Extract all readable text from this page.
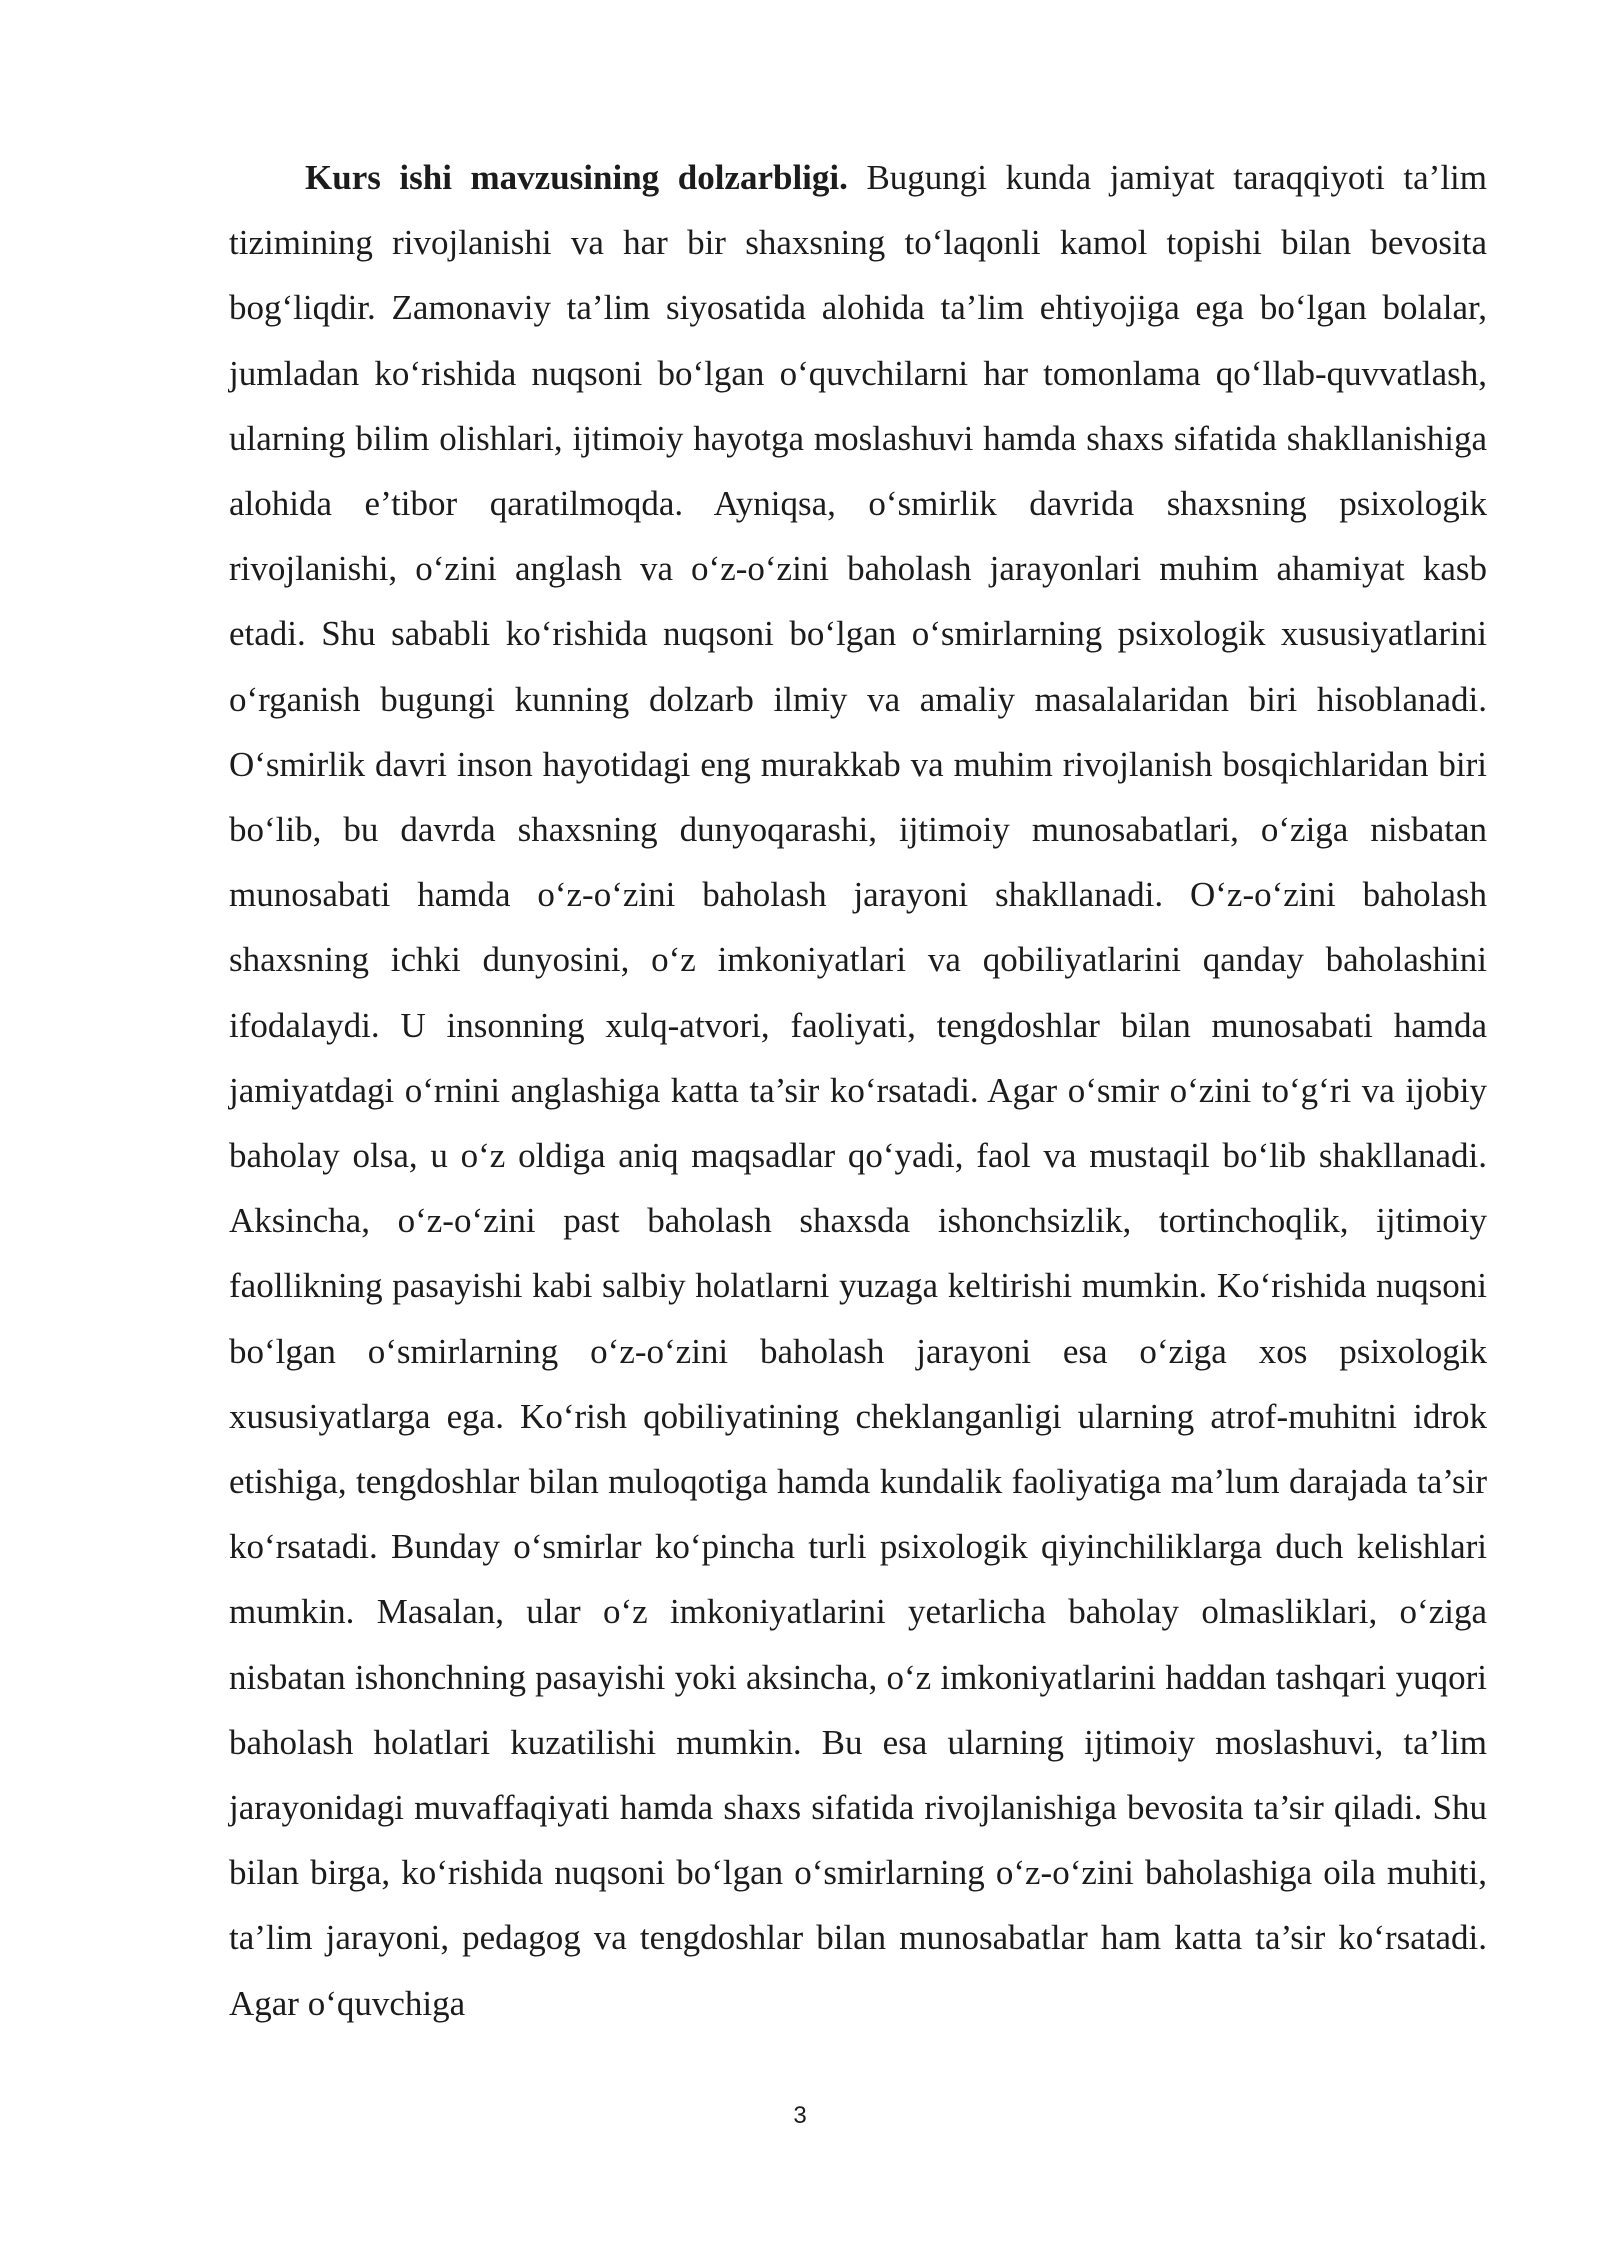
Kurs ishi mavzusining dolzarbligi. Bugungi kunda jamiyat taraqqiyoti ta’lim tizimining rivojlanishi va har bir shaxsning to‘laqonli kamol topishi bilan bevosita bog‘liqdir. Zamonaviy ta’lim siyosatida alohida ta’lim ehtiyojiga ega bo‘lgan bolalar, jumladan ko‘rishida nuqsoni bo‘lgan o‘quvchilarni har tomonlama qo‘llab-quvvatlash, ularning bilim olishlari, ijtimoiy hayotga moslashuvi hamda shaxs sifatida shakllanishiga alohida e’tibor qaratilmoqda. Ayniqsa, o‘smirlik davrida shaxsning psixologik rivojlanishi, o‘zini anglash va o‘z-o‘zini baholash jarayonlari muhim ahamiyat kasb etadi. Shu sababli ko‘rishida nuqsoni bo‘lgan o‘smirlarning psixologik xususiyatlarini o‘rganish bugungi kunning dolzarb ilmiy va amaliy masalalaridan biri hisoblanadi. O‘smirlik davri inson hayotidagi eng murakkab va muhim rivojlanish bosqichlaridan biri bo‘lib, bu davrda shaxsning dunyoqarashi, ijtimoiy munosabatlari, o‘ziga nisbatan munosabati hamda o‘z-o‘zini baholash jarayoni shakllanadi. O‘z-o‘zini baholash shaxsning ichki dunyosini, o‘z imkoniyatlari va qobiliyatlarini qanday baholashini ifodalaydi. U insonning xulq-atvori, faoliyati, tengdoshlar bilan munosabati hamda jamiyatdagi o‘rnini anglashiga katta ta’sir ko‘rsatadi. Agar o‘smir o‘zini to‘g‘ri va ijobiy baholay olsa, u o‘z oldiga aniq maqsadlar qo‘yadi, faol va mustaqil bo‘lib shakllanadi. Aksincha, o‘z-o‘zini past baholash shaxsda ishonchsizlik, tortinchoqlik, ijtimoiy faollikning pasayishi kabi salbiy holatlarni yuzaga keltirishi mumkin. Ko‘rishida nuqsoni bo‘lgan o‘smirlarning o‘z-o‘zini baholash jarayoni esa o‘ziga xos psixologik xususiyatlarga ega. Ko‘rish qobiliyatining cheklanganligi ularning atrof-muhitni idrok etishiga, tengdoshlar bilan muloqotiga hamda kundalik faoliyatiga ma’lum darajada ta’sir ko‘rsatadi. Bunday o‘smirlar ko‘pincha turli psixologik qiyinchiliklarga duch kelishlari mumkin. Masalan, ular o‘z imkoniyatlarini yetarlicha baholay olmasliklari, o‘ziga nisbatan ishonchning pasayishi yoki aksincha, o‘z imkoniyatlarini haddan tashqari yuqori baholash holatlari kuzatilishi mumkin. Bu esa ularning ijtimoiy moslashuvi, ta’lim jarayonidagi muvaffaqiyati hamda shaxs sifatida rivojlanishiga bevosita ta’sir qiladi. Shu bilan birga, ko‘rishida nuqsoni bo‘lgan o‘smirlarning o‘z-o‘zini baholashiga oila muhiti, ta’lim jarayoni, pedagog va tengdoshlar bilan munosabatlar ham katta ta’sir ko‘rsatadi. Agar o‘quvchiga

3
